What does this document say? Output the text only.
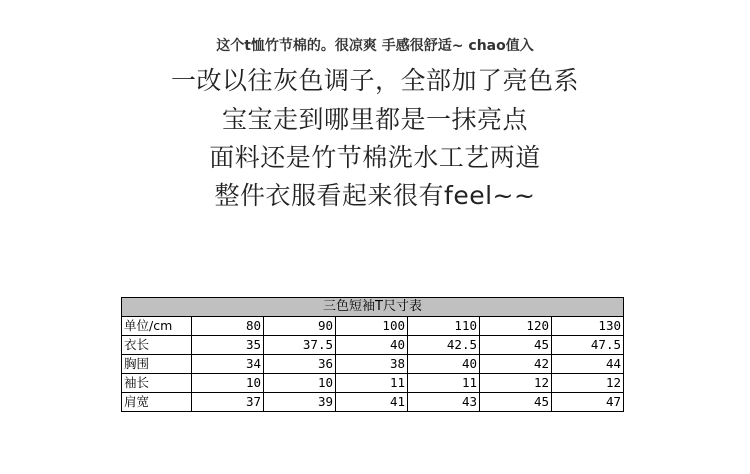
这个t恤竹节棉的。很凉爽 手感很舒适~ chao值入
一改以往灰色调子，全部加了亮色系
宝宝走到哪里都是一抹亮点
面料还是竹节棉洗水工艺两道
整件衣服看起来很有feel~~
三色短袖T尺寸表						
单位/cm	80	90	100	110	120	130
衣长	35	37.5	40	42.5	45	47.5
胸围	34	36	38	40	42	44
袖长	10	10	11	11	12	12
肩宽	37	39	41	43	45	47
